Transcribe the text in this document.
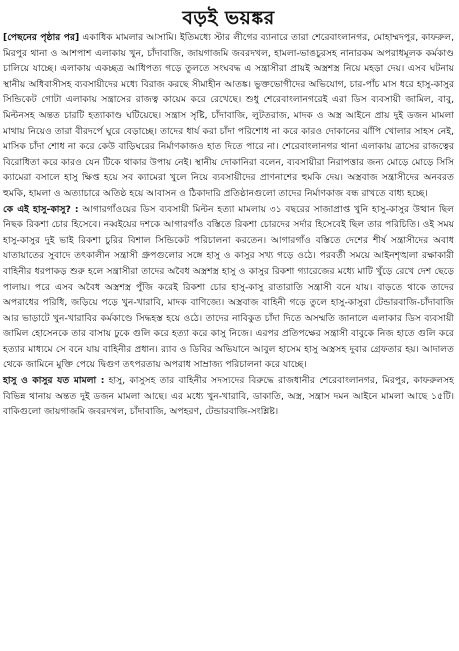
বড়ই ভয়ঙ্কর

[পেছনের পৃষ্ঠার পর] একাধিক মামলার আসামি। ইতিমধ্যে স্টার লীগের ব্যানারে তারা শেরেবাংলানগর, মোহাম্মদপুর, কাফরুল, মিরপুর থানা ও আশপাশ এলাকায় খুন, চাঁদাবাজি, জায়গাজমি জবরদখল, হামলা-ভাঙচুরসহ নানারকম অপরাধমূলক কর্মকাণ্ড চালিয়ে যাচ্ছে। এলাকায় একচ্ছত্র আধিপত্য গড়ে তুলতে সংঘবদ্ধ এ সন্ত্রাসীরা প্রায়ই অস্ত্রশস্ত্র নিয়ে মহড়া দেয়। এসব ঘটনায় স্থানীয় অধিবাসীসহ ব্যবসায়ীদের মধ্যে বিরাজ করছে সীমাহীন আতঙ্ক। ভুক্তভোগীদের অভিযোগ, চার-পাঁচ মাস ধরে হাসু-কাসুর সিন্ডিকেট গোটা এলাকায় সন্ত্রাসের রাজত্ব কায়েম করে রেখেছে। শুধু শেরেবাংলানগরেই এরা ডিস ব্যবসায়ী জামিল, বাবু, মিল্টনসহ অন্তত চারটি হত্যাকাণ্ড ঘটিয়েছে। সন্ত্রাস সৃষ্টি, চাঁদাবাজি, লুটতরাজ, মাদক ও অস্ত্র আইনে প্রায় দুই ডজন মামলা মাথায় নিয়েও তারা বীরদর্পে ঘুরে বেড়াচ্ছে। তাদের ধার্য করা চাঁদা পরিশোধ না করে কারও দোকানের ঝাঁপি খোলার সাহস নেই, মাসিক চাঁদা শোধ না করে কেউ বাড়িঘরের নির্মাণকাজও হাত দিতে পারে না। শেরেবাংলানগর থানা এলাকায় ত্রাসের রাজত্বের বিরোধিতা করে কারও যেন টিকে থাকার উপায় নেই। স্থানীয় দোকানিরা বলেন, ব্যবসায়ীরা নিরাপত্তার জন্য মোড়ে মোড়ে সিসি ক্যামেরা বসালে হাসু ক্ষিপ্ত হয়ে সব ক্যামেরা খুলে নিয়ে ব্যবসায়ীদের প্রাণনাশের হুমকি দেয়। অস্ত্রবাজ সন্ত্রাসীদের অনবরত হুমকি, হামলা ও অত্যাচারে অতিষ্ঠ হয়ে আবাসন ও ঠিকাদারি প্রতিষ্ঠানগুলো তাদের নির্মাণকাজ বন্ধ রাখতে বাধ্য হচ্ছে।

কে এই হাসু-কাসু? : আগারগাঁওয়ের ডিস ব্যবসায়ী মিল্টন হত্যা মামলায় ৩১ বছরের সাজাপ্রাপ্ত খুনি হাসু-কাসুর উত্থান ছিল নিছক রিকশা চোর হিসেবে। নব্বইয়ের দশকে আগারগাঁও বস্তিতে রিকশা চোরদের সর্দার হিসেবেই ছিল তার পরিচিতি। ওই সময় হাসু-কাসুর দুই ভাই রিকশা চুরির বিশাল সিন্ডিকেট পরিচালনা করতেন। আগারগাঁও বস্তিতে দেশের শীর্ষ সন্ত্রাসীদের অবাধ যাতায়াতের সুবাদে তৎকালীন সন্ত্রাসী গ্রুপগুলোর সঙ্গে হাসু ও কাসুর সখ্য গড়ে ওঠে। পরবর্তী সময়ে আইনশৃঙ্খলা রক্ষাকারী বাহিনীর ধরপাকড় শুরু হলে সন্ত্রাসীরা তাদের অবৈধ অস্ত্রশস্ত্র হাসু ও কাসুর রিকশা গ্যারেজের মধ্যে মাটি খুঁড়ে রেখে দেশ ছেড়ে পালায়। পরে এসব অবৈধ অস্ত্রশস্ত্র পুঁজি করেই রিকশা চোর হাসু-কাসু রাতারাতি সন্ত্রাসী বনে যায়। বাড়তে থাকে তাদের অপরাধের পরিধি, জড়িয়ে পড়ে খুন-খারাবি, মাদক বাণিজ্যে। অস্ত্রবাজ বাহিনী গড়ে তুলে হাসু-কাসুরা টেন্ডারবাজি-চাঁদাবাজি আর ভাড়াটে খুন-খারাবির কর্মকাণ্ডে সিদ্ধহস্ত হয়ে ওঠে। তাদের নাবিকুত চাঁদা দিতে অসম্মতি জানালে এলাকার ডিস ব্যবসায়ী জামিল হোসেনকে তার বাসায় ঢুকে গুলি করে হত্যা করে কাসু নিজে। এরপর প্রতিপক্ষের সন্ত্রাসী বাবুকে নিজ হাতে গুলি করে হত্যার মাধ্যমে সে বনে যায় বাহিনীর প্রধান। র‌্যাব ও ডিবির অভিযানে আবুল হাসেম হাসু অস্ত্রসহ দুবার গ্রেফতার হয়। আদালত থেকে জামিনে মুক্তি পেয়ে দ্বিগুণ তৎপরতায় অপরাধ সাম্রাজ্য পরিচালনা করে যাচ্ছে।

হাসু ও কাসুর যত মামলা : হাসু, কাসুসহ তার বাহিনীর সদস্যদের বিরুদ্ধে রাজধানীর শেরেবাংলানগর, মিরপুর, কাফরুলসহ বিভিন্ন থানায় অন্তত দুই ডজন মামলা আছে। এর মধ্যে খুন-খারাবি, ডাকাতি, অস্ত্র, সন্ত্রাস দমন আইনে মামলা আছে ১৫টি। বাকিগুলো জায়গাজমি জবরদখল, চাঁদাবাজি, অপহরণ, টেন্ডারবাজি-সংশ্লিষ্ট।
